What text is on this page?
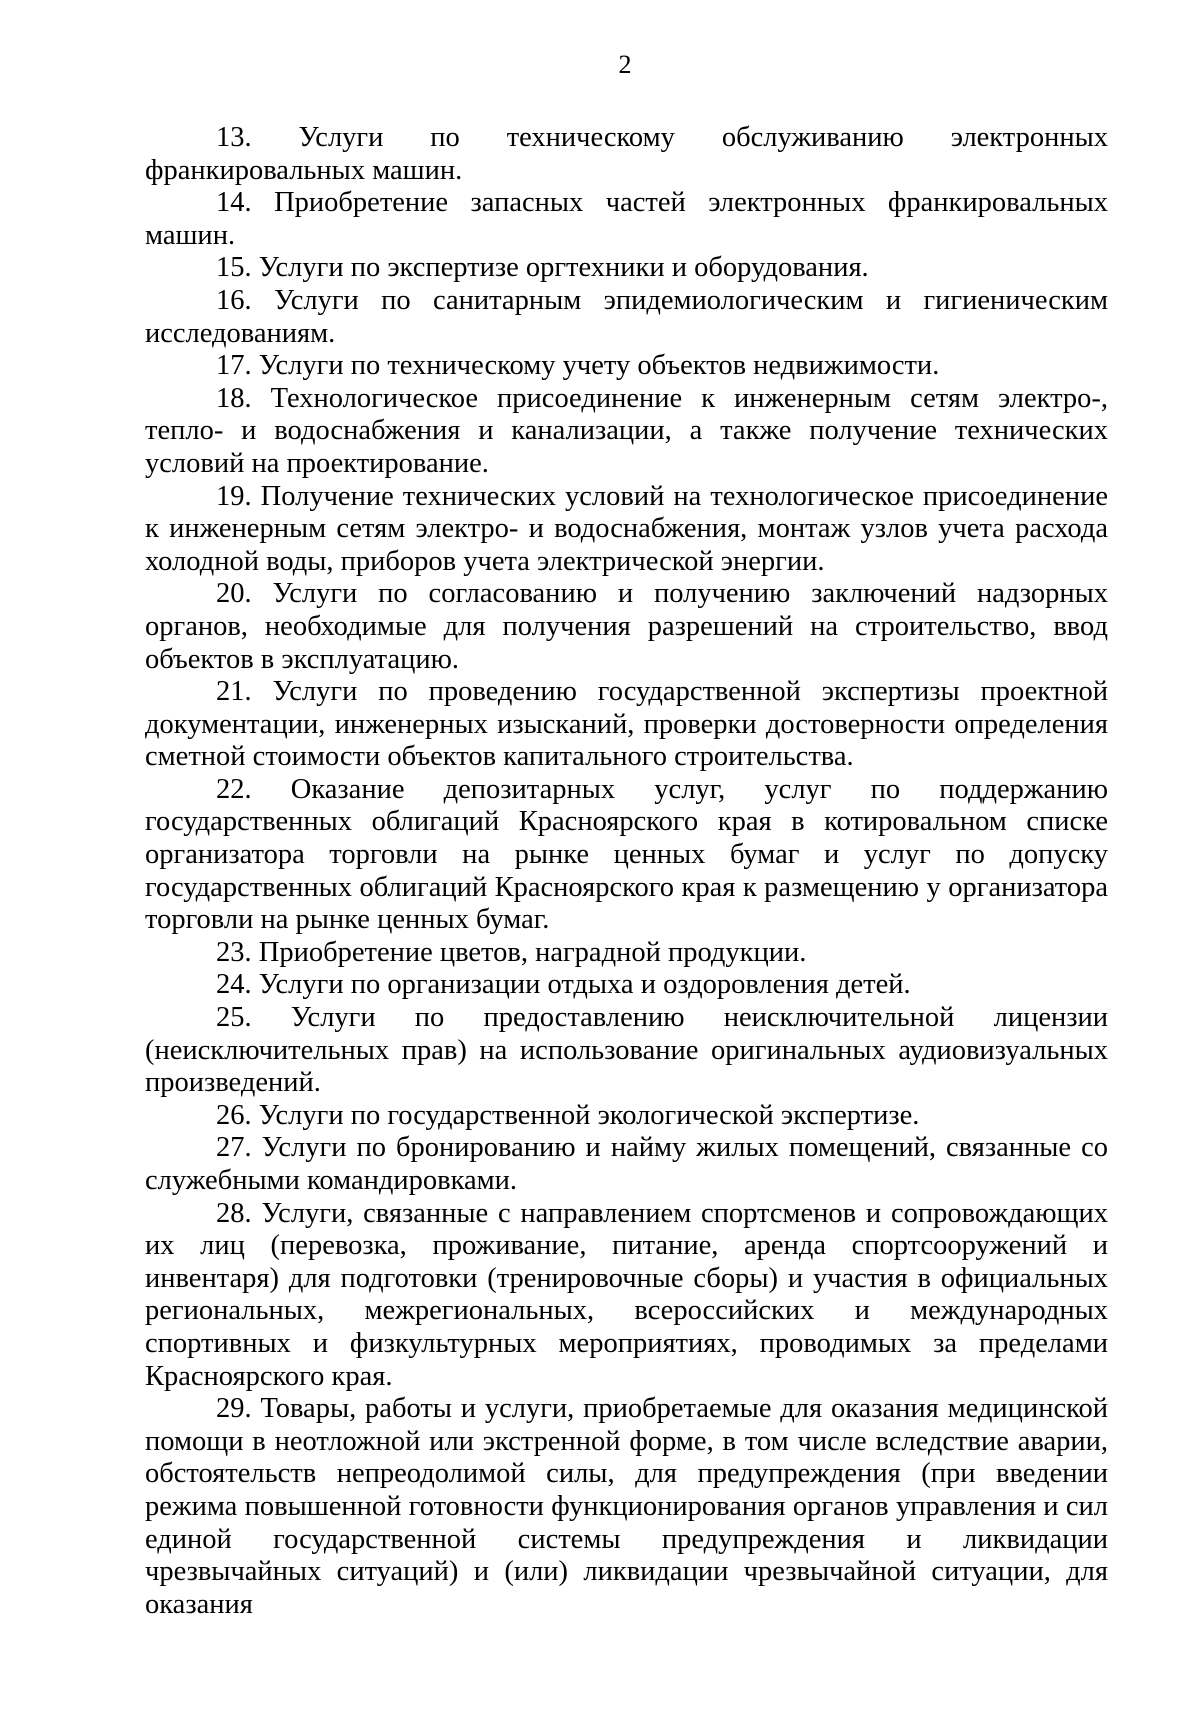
2

13. Услуги по техническому обслуживанию электронных франкировальных машин.

14. Приобретение запасных частей электронных франкировальных машин.

15. Услуги по экспертизе оргтехники и оборудования.

16. Услуги по санитарным эпидемиологическим и гигиеническим исследованиям.

17. Услуги по техническому учету объектов недвижимости.

18. Технологическое присоединение к инженерным сетям электро-, тепло- и водоснабжения и канализации, а также получение технических условий на проектирование.

19. Получение технических условий на технологическое присоединение к инженерным сетям электро- и водоснабжения, монтаж узлов учета расхода холодной воды, приборов учета электрической энергии.

20. Услуги по согласованию и получению заключений надзорных органов, необходимые для получения разрешений на строительство, ввод объектов в эксплуатацию.

21. Услуги по проведению государственной экспертизы проектной документации, инженерных изысканий, проверки достоверности определения сметной стоимости объектов капитального строительства.

22. Оказание депозитарных услуг, услуг по поддержанию государственных облигаций Красноярского края в котировальном списке организатора торговли на рынке ценных бумаг и услуг по допуску государственных облигаций Красноярского края к размещению у организатора торговли на рынке ценных бумаг.

23. Приобретение цветов, наградной продукции.

24. Услуги по организации отдыха и оздоровления детей.

25. Услуги по предоставлению неисключительной лицензии (неисключительных прав) на использование оригинальных аудиовизуальных произведений.

26. Услуги по государственной экологической экспертизе.

27. Услуги по бронированию и найму жилых помещений, связанные со служебными командировками.

28. Услуги, связанные с направлением спортсменов и сопровождающих их лиц (перевозка, проживание, питание, аренда спортсооружений и инвентаря) для подготовки (тренировочные сборы) и участия в официальных региональных, межрегиональных, всероссийских и международных спортивных и физкультурных мероприятиях, проводимых за пределами Красноярского края.

29. Товары, работы и услуги, приобретаемые для оказания медицинской помощи в неотложной или экстренной форме, в том числе вследствие аварии, обстоятельств непреодолимой силы, для предупреждения (при введении режима повышенной готовности функционирования органов управления и сил единой государственной системы предупреждения и ликвидации чрезвычайных ситуаций) и (или) ликвидации чрезвычайной ситуации, для оказания
